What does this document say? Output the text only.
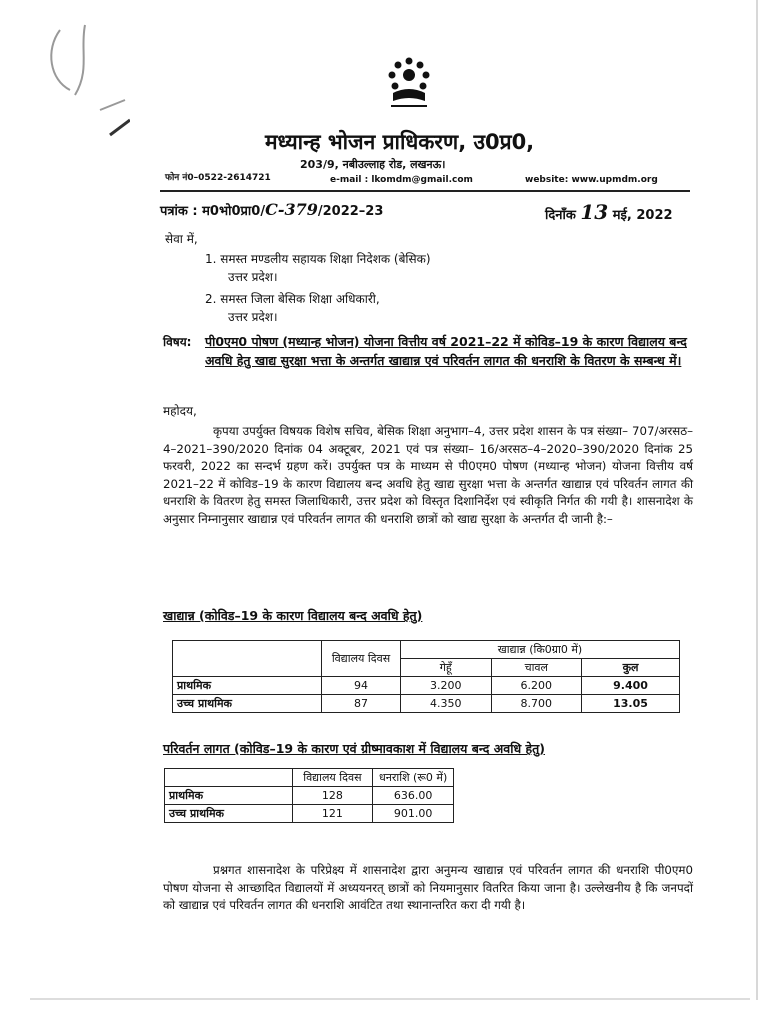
मध्यान्ह भोजन प्राधिकरण, उ0प्र0,
203/9, नबीउल्लाह रोड, लखनऊ।
फोन नं0–0522-2614721	e-mail : lkomdm@gmail.com	website: www.upmdm.org
पत्रांक : म0भो0प्रा0/C-379/2022–23	दिनाँक 13 मई, 2022
सेवा में,
1. समस्त मण्डलीय सहायक शिक्षा निदेशक (बेसिक)
उत्तर प्रदेश।
2. समस्त जिला बेसिक शिक्षा अधिकारी,
उत्तर प्रदेश।
विषय: पी0एम0 पोषण (मध्यान्ह भोजन) योजना वित्तीय वर्ष 2021–22 में कोविड–19 के कारण विद्यालय बन्द अवधि हेतु खाद्य सुरक्षा भत्ता के अन्तर्गत खाद्यान्न एवं परिवर्तन लागत की धनराशि के वितरण के सम्बन्ध में।
महोदय,
कृपया उपर्युक्त विषयक विशेष सचिव, बेसिक शिक्षा अनुभाग–4, उत्तर प्रदेश शासन के पत्र संख्या– 707/अरसठ–4–2021–390/2020 दिनांक 04 अक्टूबर, 2021 एवं पत्र संख्या– 16/अरसठ–4–2020–390/2020 दिनांक 25 फरवरी, 2022 का सन्दर्भ ग्रहण करें। उपर्युक्त पत्र के माध्यम से पी0एम0 पोषण (मध्यान्ह भोजन) योजना वित्तीय वर्ष 2021–22 में कोविड–19 के कारण विद्यालय बन्द अवधि हेतु खाद्य सुरक्षा भत्ता के अन्तर्गत खाद्यान्न एवं परिवर्तन लागत की धनराशि के वितरण हेतु समस्त जिलाधिकारी, उत्तर प्रदेश को विस्तृत दिशानिर्देश एवं स्वीकृति निर्गत की गयी है। शासनादेश के अनुसार निम्नानुसार खाद्यान्न एवं परिवर्तन लागत की धनराशि छात्रों को खाद्य सुरक्षा के अन्तर्गत दी जानी है:–
खाद्यान्न (कोविड–19 के कारण विद्यालय बन्द अवधि हेतु)
	विद्यालय दिवस	खाद्यान्न (कि0ग्रा0 में)		
		गेहूँ	चावल	कुल
प्राथमिक	94	3.200	6.200	9.400
उच्च प्राथमिक	87	4.350	8.700	13.05
परिवर्तन लागत (कोविड–19 के कारण एवं ग्रीष्मावकाश में विद्यालय बन्द अवधि हेतु)
	विद्यालय दिवस	धनराशि (रू0 में)
प्राथमिक	128	636.00
उच्च प्राथमिक	121	901.00
प्रश्नगत शासनादेश के परिप्रेक्ष्य में शासनादेश द्वारा अनुमन्य खाद्यान्न एवं परिवर्तन लागत की धनराशि पी0एम0 पोषण योजना से आच्छादित विद्यालयों में अध्ययनरत् छात्रों को नियमानुसार वितरित किया जाना है। उल्लेखनीय है कि जनपदों को खाद्यान्न एवं परिवर्तन लागत की धनराशि आवंटित तथा स्थानान्तरित करा दी गयी है।
